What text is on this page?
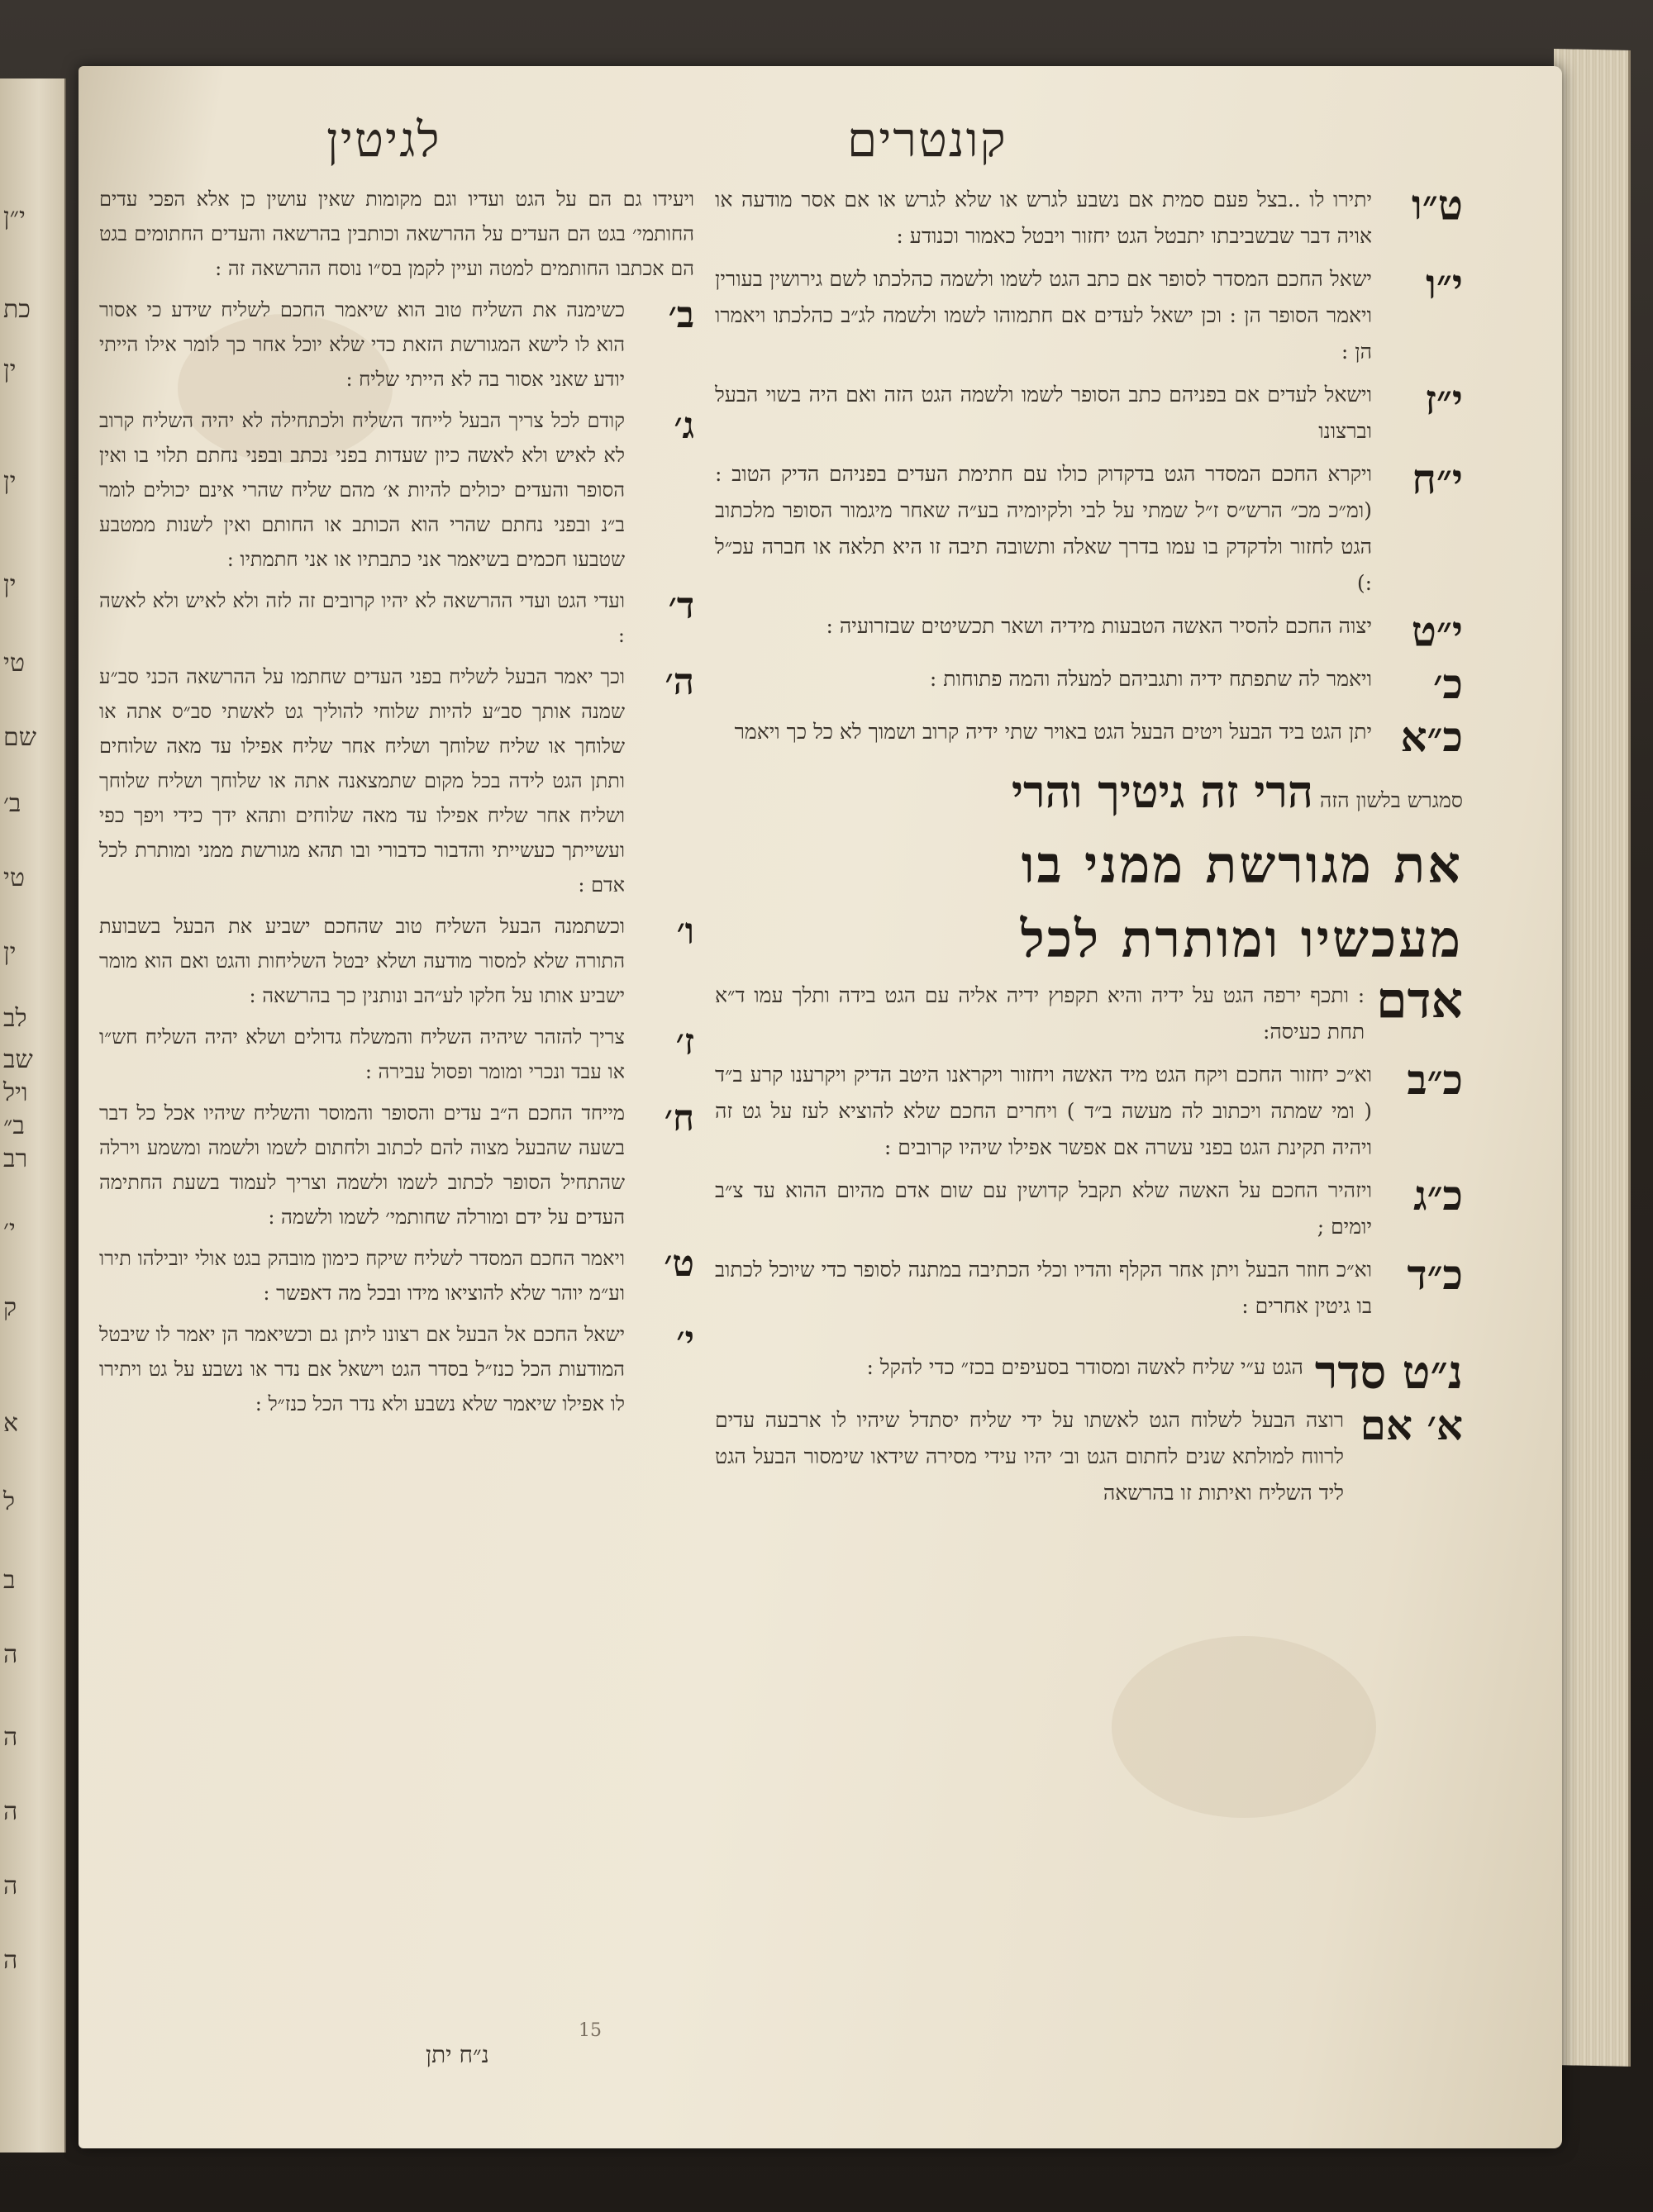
י״ן
כת
ין
ין
ין
טי
שם
ב׳
טי
ין
לב
שב
ויל
ב״
רב
י׳
ק
א
ל
ב
ה
ה
ה
ה
ה
קונטרים
לגיטין
ט״ו
יתירו לו ..בצל פעם סמית אם נשבע לגרש או שלא לגרש או אם אסר מודעה או אויה דבר שבשביבתו יתבטל הגט יחזור ויבטל כאמור וכנודע :
י״ו
ישאל החכם המסדר לסופר אם כתב הגט לשמו ולשמה כהלכתו לשם גירושין בעורין ויאמר הסופר הן : וכן ישאל לעדים אם חתמוהו לשמו ולשמה לג״ב כהלכתו ויאמרו הן :
י״ז
וישאל לעדים אם בפניהם כתב הסופר לשמו ולשמה הגט הזה ואם היה בשוי הבעל וברצונו
י״ח
ויקרא החכם המסדר הגט בדקדוק כולו עם חתימת העדים בפניהם הדיק הטוב : (ומ״כ מכ״ הרש״ס ז״ל שמתי על לבי ולקיומיה בע״ה שאחר מיגמור הסופר מלכתוב הגט לחזור ולדקדק בו עמו בדרך שאלה ותשובה תיבה זו היא תלאה או חברה עכ״ל :)
י״ט
יצוה החכם להסיר האשה הטבעות מידיה ושאר תכשיטים שבזרועיה :
כ׳
ויאמר לה שתפתח ידיה ותגביהם למעלה והמה פתוחות :
כ״א
יתן הגט ביד הבעל ויטים הבעל הגט באויר שתי ידיה קרוב ושמוך לא כל כך ויאמר
סמגרש בלשון הזה הרי זה גיטיך והרי
את מגורשת ממני בו
מעכשיו ומותרת לכל
אדם
: ותכף ירפה הגט על ידיה והיא תקפוץ ידיה אליה עם הגט בידה ותלך עמו ד״א תחת כעיסה:
כ״ב
וא״כ יחזור החכם ויקח הגט מיד האשה ויחזור ויקראנו היטב הדיק ויקרענו קרע ב״ד ( ומי שמתה ויכתוב לה מעשה ב״ד ) ויחרים החכם שלא להוציא לעז על גט זה ויהיה תקינת הגט בפני עשרה אם אפשר אפילו שיהיו קרובים :
כ״ג
ויזהיר החכם על האשה שלא תקבל קדושין עם שום אדם מהיום ההוא עד צ״ב יומים ;
כ״ד
וא״כ חוזר הבעל ויתן אחר הקלף והדיו וכלי הכתיבה במתנה לסופר כדי שיוכל לכתוב בו גיטין אחרים :
נ״ט סדר
הגט ע״י שליח לאשה ומסודר בסעיפים בכז״ כדי להקל :
א׳ אם
רוצה הבעל לשלוח הגט לאשתו על ידי שליח יסתדל שיהיו לו ארבעה עדים לרווח למולתא שנים לחתום הגט וב׳ יהיו עידי מסירה שידאו שימסור הבעל הגט ליד השליח ואיתות זו בהרשאה
ויעידו גם הם על הגט ועדיו וגם מקומות שאין עושין כן אלא הפכי עדים החותמי׳ בגט הם העדים על ההרשאה וכותבין בהרשאה והעדים החתומים בגט הם אכתבו החותמים למטה ועיין לקמן בס״ו נוסח ההרשאה זה :
ב׳
כשימנה את השליח טוב הוא שיאמר החכם לשליח שידע כי אסור הוא לו לישא המגורשת הזאת כדי שלא יוכל אחר כך לומר אילו הייתי יודע שאני אסור בה לא הייתי שליח :
ג׳
קודם לכל צריך הבעל לייחד השליח ולכתחילה לא יהיה השליח קרוב לא לאיש ולא לאשה כיון שעדות בפני נכתב ובפני נחתם תלוי בו ואין הסופר והעדים יכולים להיות א׳ מהם שליח שהרי אינם יכולים לומר ב״נ ובפני נחתם שהרי הוא הכותב או החותם ואין לשנות ממטבע שטבעו חכמים בשיאמר אני כתבתיו או אני חתמתיו :
ד׳
ועדי הגט ועדי ההרשאה לא יהיו קרובים זה לזה ולא לאיש ולא לאשה :
ה׳
וכך יאמר הבעל לשליח בפני העדים שחתמו על ההרשאה הכני סב״ע שמנה אותך סב״ע להיות שלוחי להוליך גט לאשתי סב״ס אתה או שלוחך או שליח שלוחך ושליח אחר שליח אפילו עד מאה שלוחים ותתן הגט לידה בכל מקום שתמצאנה אתה או שלוחך ושליח שלוחך ושליח אחר שליח אפילו עד מאה שלוחים ותהא ידך כידי ויפך כפי ועשייתך כעשייתי והדבור כדבורי ובו תהא מגורשת ממני ומותרת לכל אדם :
ו׳
וכשתמנה הבעל השליח טוב שהחכם ישביע את הבעל בשבועת התורה שלא למסור מודעה ושלא יבטל השליחות והגט ואם הוא מומר ישביע אותו על חלקו לע״הב ונותנין כך בהרשאה :
ז׳
צריך להזהר שיהיה השליח והמשלח גדולים ושלא יהיה השליח חש״ו או עבד ונכרי ומומר ופסול עבירה :
ח׳
מייחד החכם ה״ב עדים והסופר והמוסר והשליח שיהיו אכל כל דבר בשעה שהבעל מצוה להם לכתוב ולחתום לשמו ולשמה ומשמע וירלה שהתחיל הסופר לכתוב לשמו ולשמה וצריך לעמוד בשעת החתימה העדים על ידם ומורלה שחותמי׳ לשמו ולשמה :
ט׳
ויאמר החכם המסדר לשליח שיקח כימון מובהק בגט אולי יובילהו תירו וע״מ יוהר שלא להוציאו מידו ובכל מה דאפשר :
י׳
ישאל החכם אל הבעל אם רצונו ליתן גם וכשיאמר הן יאמר לו שיבטל המודעות הכל כנז״ל בסדר הגט וישאל אם נדר או נשבע על גט ויתירו לו אפילו שיאמר שלא נשבע ולא נדר הכל כנז״ל :
15
נ״ח יתן
